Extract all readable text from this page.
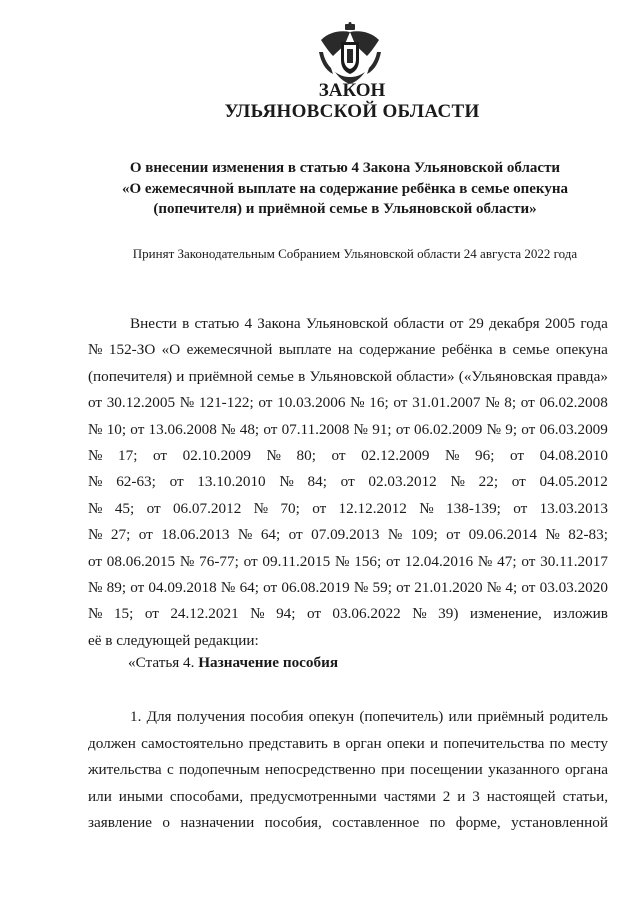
ЗАКОН
УЛЬЯНОВСКОЙ ОБЛАСТИ
О внесении изменения в статью 4 Закона Ульяновской области
«О ежемесячной выплате на содержание ребёнка в семье опекуна
(попечителя) и приёмной семье в Ульяновской области»
Принят Законодательным Собранием Ульяновской области 24 августа 2022 года
Внести в статью 4 Закона Ульяновской области от 29 декабря 2005 года
№ 152-ЗО «О ежемесячной выплате на содержание ребёнка в семье опекуна
(попечителя) и приёмной семье в Ульяновской области» («Ульяновская правда»
от 30.12.2005 № 121-122; от 10.03.2006 № 16; от 31.01.2007 № 8; от 06.02.2008
№ 10; от 13.06.2008 № 48; от 07.11.2008 № 91; от 06.02.2009 № 9; от 06.03.2009
№ 17; от 02.10.2009 № 80; от 02.12.2009 № 96; от 04.08.2010
№ 62-63; от 13.10.2010 № 84; от 02.03.2012 № 22; от 04.05.2012
№ 45; от 06.07.2012 № 70; от 12.12.2012 № 138-139; от 13.03.2013
№ 27; от 18.06.2013 № 64; от 07.09.2013 № 109; от 09.06.2014 № 82-83;
от 08.06.2015 № 76-77; от 09.11.2015 № 156; от 12.04.2016 № 47; от 30.11.2017
№ 89; от 04.09.2018 № 64; от 06.08.2019 № 59; от 21.01.2020 № 4; от 03.03.2020
№ 15; от 24.12.2021 № 94; от 03.06.2022 № 39) изменение, изложив
её в следующей редакции:
«Статья 4. Назначение пособия
1. Для получения пособия опекун (попечитель) или приёмный родитель
должен самостоятельно представить в орган опеки и попечительства по месту
жительства с подопечным непосредственно при посещении указанного органа
или иными способами, предусмотренными частями 2 и 3 настоящей статьи,
заявление о назначении пособия, составленное по форме, установленной
